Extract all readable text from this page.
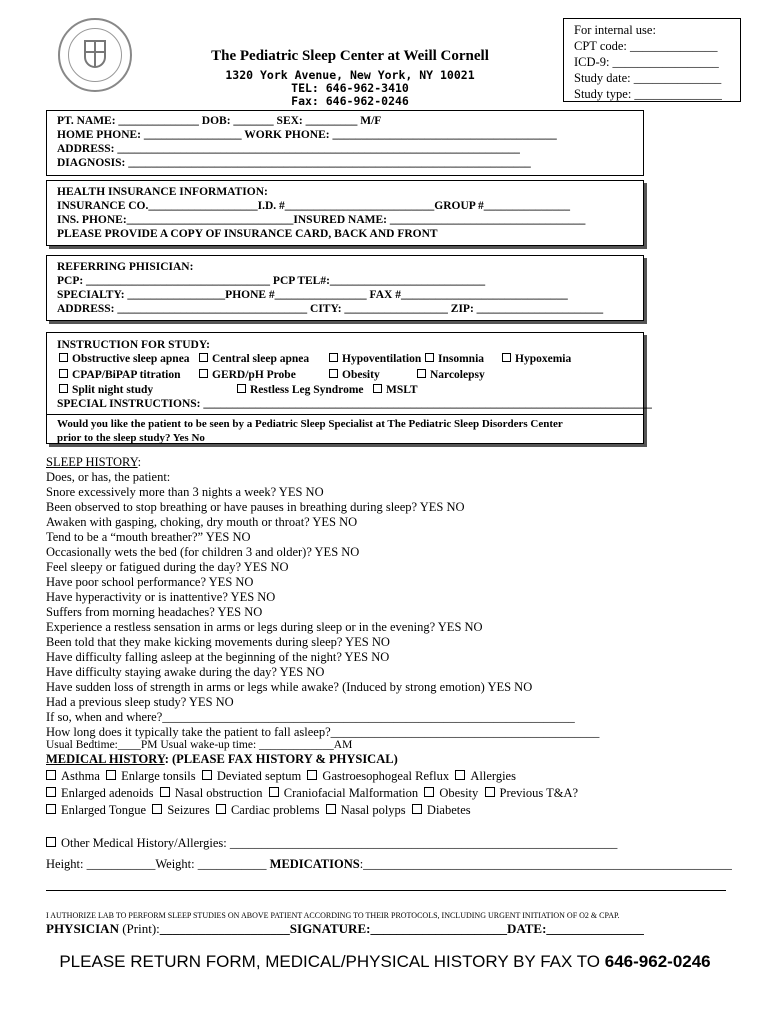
The Pediatric Sleep Center at Weill Cornell
1320 York Avenue, New York, NY 10021
TEL: 646-962-3410
Fax: 646-962-0246
For internal use:
CPT code: ______________
ICD-9: _________________
Study date: ______________
Study type: ______________
PT. NAME: ______________ DOB: _______ SEX: _________ M/F
HOME PHONE: _________________ WORK PHONE: _______________________________________
ADDRESS: ______________________________________________________________________
DIAGNOSIS: ______________________________________________________________________
HEALTH INSURANCE INFORMATION:
INSURANCE CO.___________________I.D. #__________________________GROUP #_______________
INS. PHONE:_____________________________INSURED NAME: __________________________________
PLEASE PROVIDE A COPY OF INSURANCE CARD, BACK AND FRONT
REFERRING PHISICIAN:
PCP: ________________________________ PCP TEL#:___________________________
SPECIALTY: _________________PHONE #________________ FAX #_____________________________
ADDRESS: _________________________________ CITY: __________________ ZIP: ______________________
INSTRUCTION FOR STUDY:
Obstructive sleep apnea	Central sleep apnea	Hypoventilation	Insomnia	Hypoxemia
CPAP/BiPAP titration	GERD/pH Probe	Obesity	Narcolepsy
Split night study	Restless Leg Syndrome	MSLT
SPECIAL INSTRUCTIONS: ______________________________________________________________________________
Would you like the patient to be seen by a Pediatric Sleep Specialist at The Pediatric Sleep Disorders Center
prior to the sleep study? Yes No
SLEEP HISTORY:
Does, or has, the patient:
Snore excessively more than 3 nights a week? YES NO
Been observed to stop breathing or have pauses in breathing during sleep? YES NO
Awaken with gasping, choking, dry mouth or throat? YES NO
Tend to be a “mouth breather?” YES NO
Occasionally wets the bed (for children 3 and older)? YES NO
Feel sleepy or fatigued during the day? YES NO
Have poor school performance? YES NO
Have hyperactivity or is inattentive? YES NO
Suffers from morning headaches? YES NO
Experience a restless sensation in arms or legs during sleep or in the evening? YES NO
Been told that they make kicking movements during sleep? YES NO
Have difficulty falling asleep at the beginning of the night? YES NO
Have difficulty staying awake during the day? YES NO
Have sudden loss of strength in arms or legs while awake? (Induced by strong emotion) YES NO
Had a previous sleep study? YES NO
If so, when and where?__________________________________________________________________
How long does it typically take the patient to fall asleep?___________________________________________
Usual Bedtime:____PM Usual wake-up time: _____________AM
MEDICAL HISTORY: (PLEASE FAX HISTORY & PHYSICAL)
Asthma Enlarge tonsils Deviated septum Gastroesophogeal Reflux Allergies
Enlarged adenoids Nasal obstruction Craniofacial Malformation Obesity Previous T&A?
Enlarged Tongue Seizures Cardiac problems Nasal polyps Diabetes
Other Medical History/Allergies: ______________________________________________________________
Height: ___________Weight: ___________ MEDICATIONS:___________________________________________________________
I AUTHORIZE LAB TO PERFORM SLEEP STUDIES ON ABOVE PATIENT ACCORDING TO THEIR PROTOCOLS, INCLUDING URGENT INITIATION OF O2 & CPAP.
PHYSICIAN (Print):____________________SIGNATURE:_____________________DATE:_______________
PLEASE RETURN FORM, MEDICAL/PHYSICAL HISTORY BY FAX TO 646-962-0246
